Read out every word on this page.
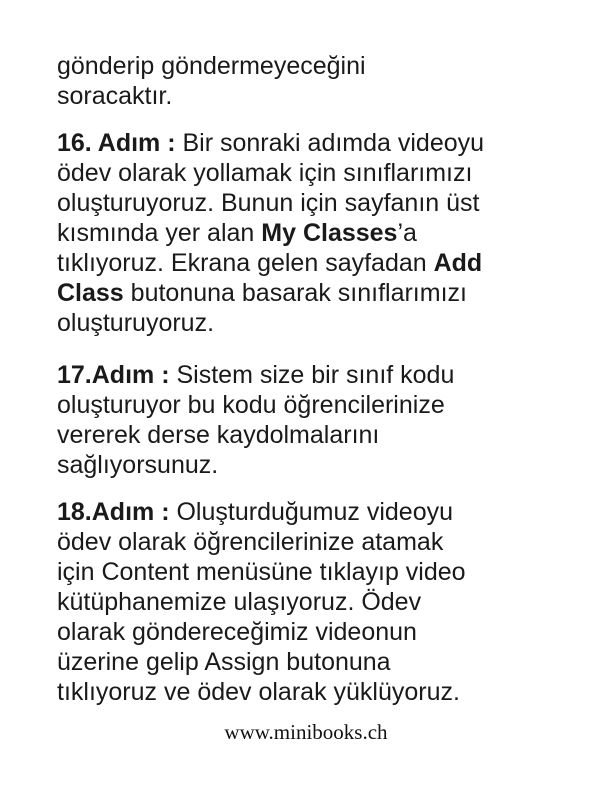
gönderip göndermeyeceğini
soracaktır.

16. Adım : Bir sonraki adımda videoyu
ödev olarak yollamak için sınıflarımızı
oluşturuyoruz. Bunun için sayfanın üst
kısmında yer alan My Classes’a
tıklıyoruz. Ekrana gelen sayfadan Add
Class butonuna basarak sınıflarımızı
oluşturuyoruz.

17.Adım : Sistem size bir sınıf kodu
oluşturuyor bu kodu öğrencilerinize
vererek derse kaydolmalarını
sağlıyorsunuz.

18.Adım : Oluşturduğumuz videoyu
ödev olarak öğrencilerinize atamak
için Content menüsüne tıklayıp video
kütüphanemize ulaşıyoruz. Ödev
olarak göndereceğimiz videonun
üzerine gelip Assign butonuna
tıklıyoruz ve ödev olarak yüklüyoruz.

www.minibooks.ch
